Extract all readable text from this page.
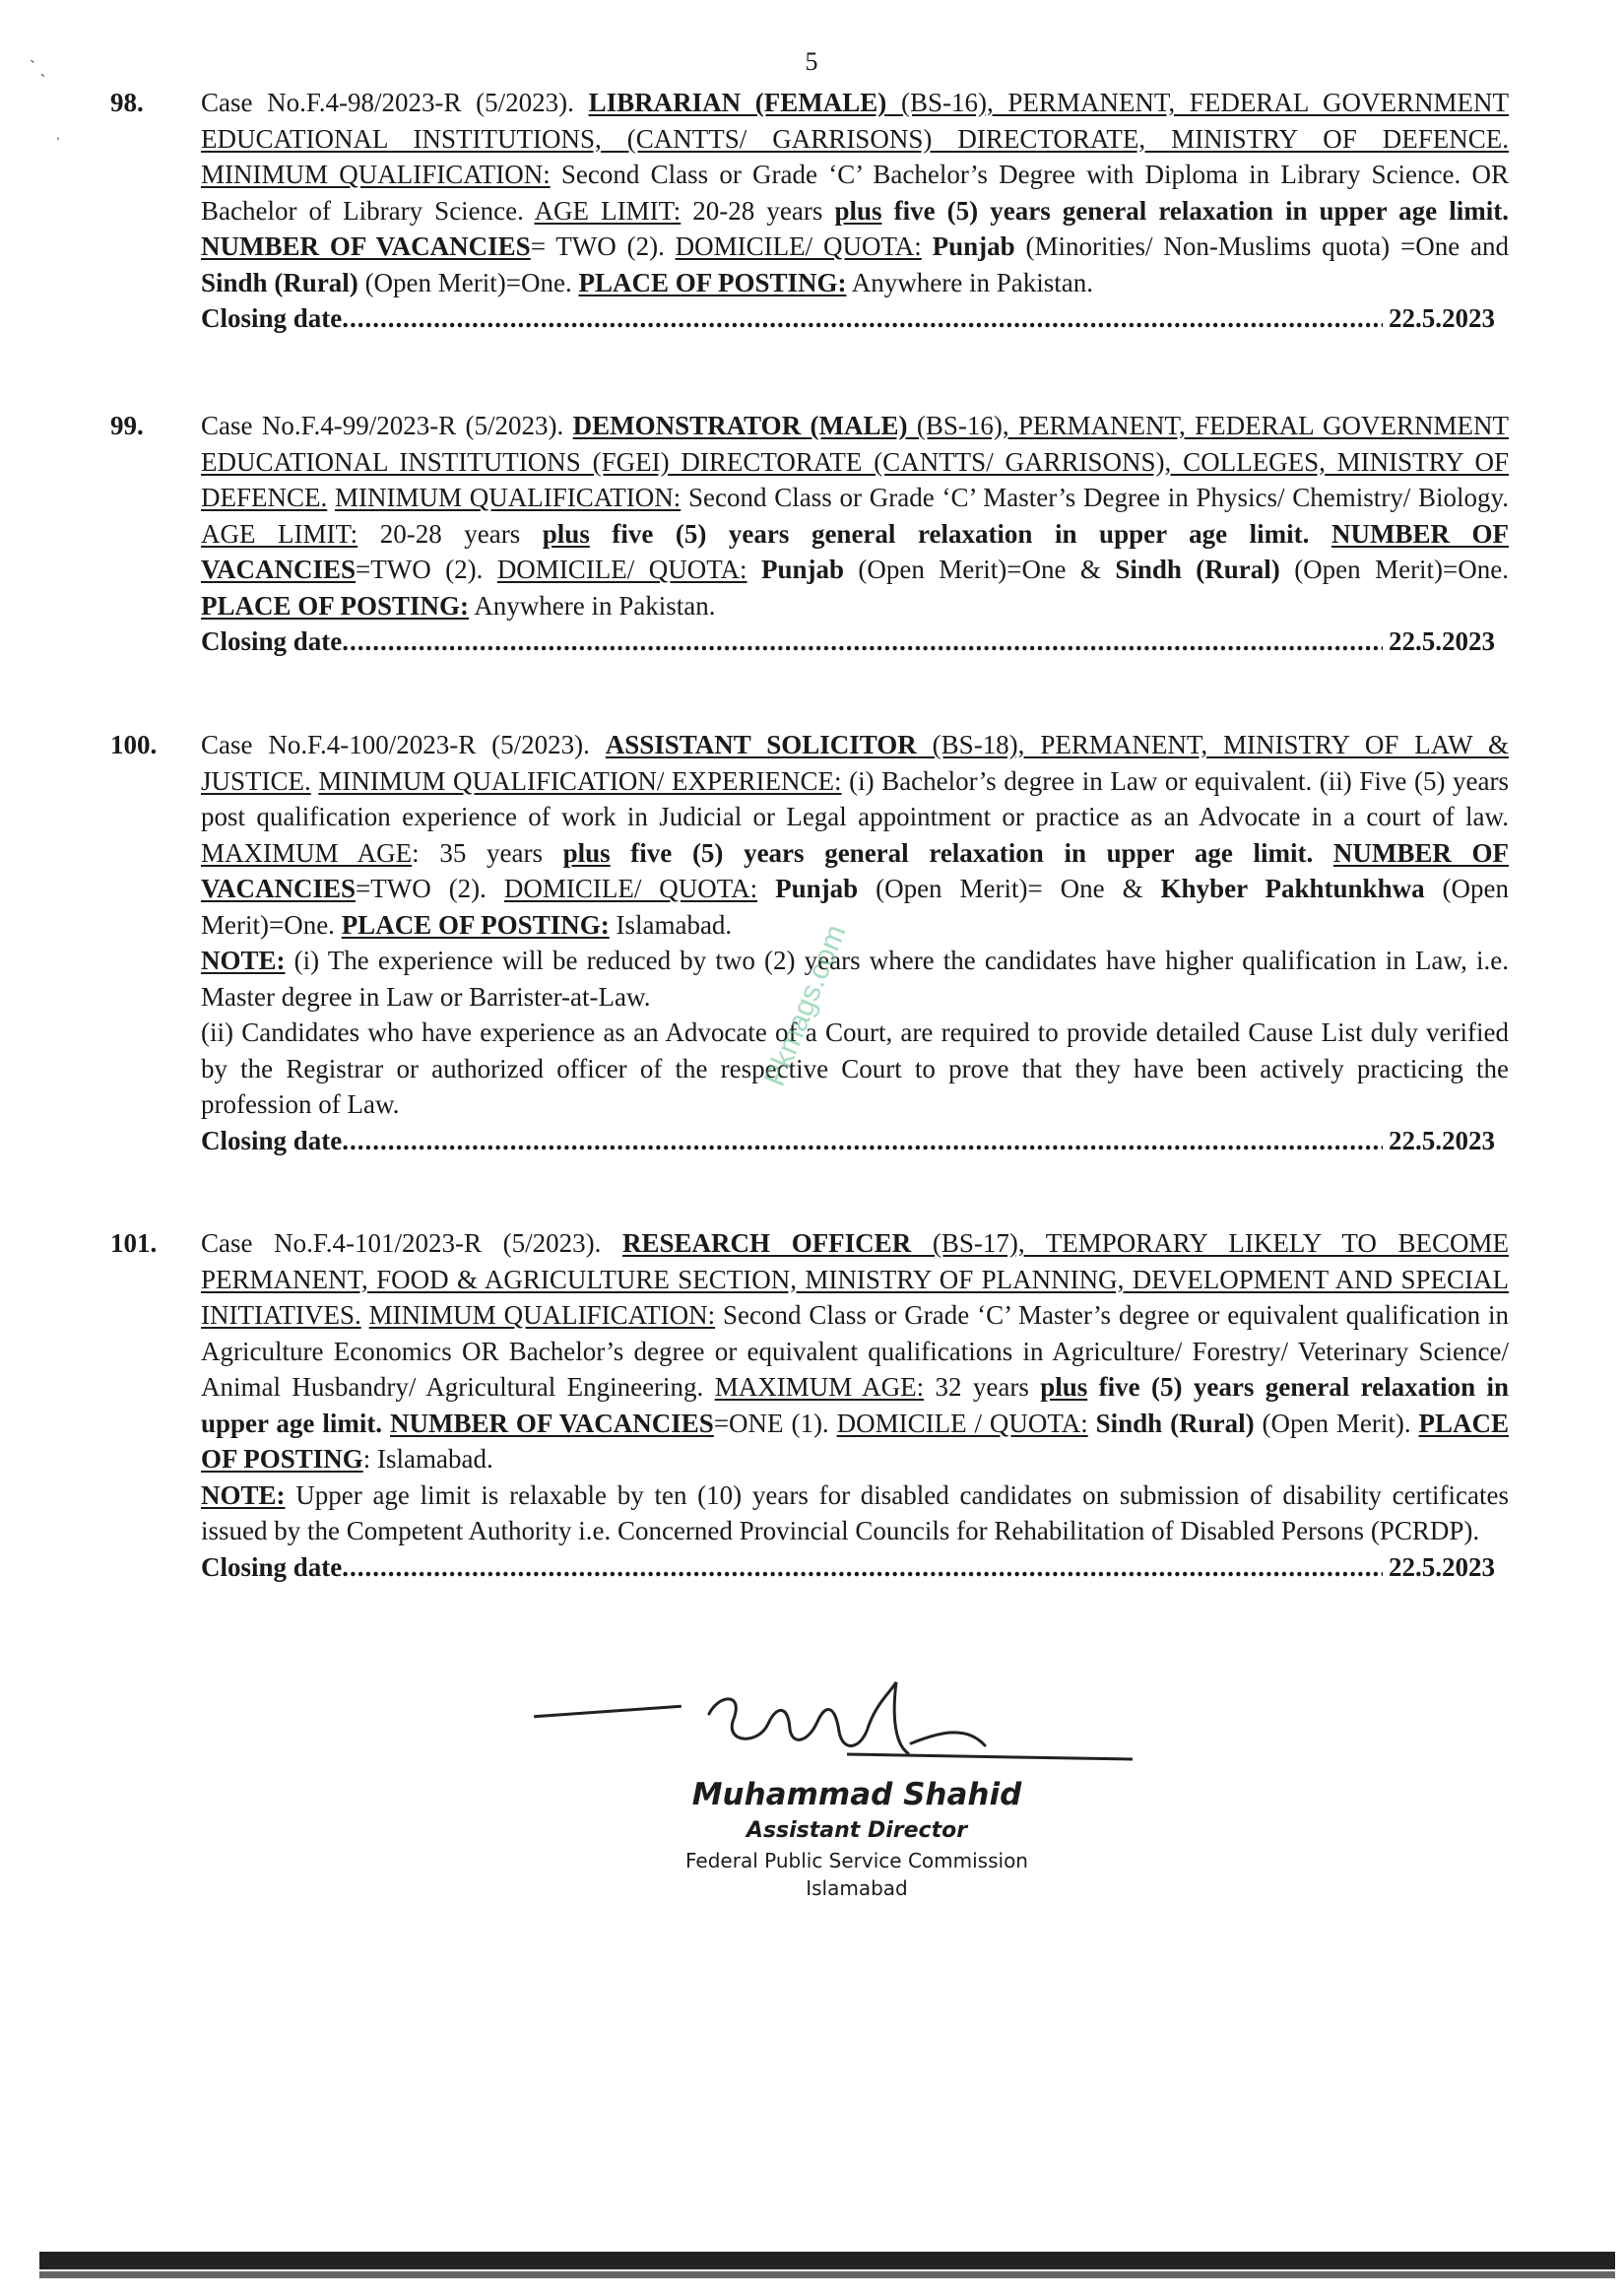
5
ˋ ˎ
ˌ
98.	Case No.F.4-98/2023-R (5/2023). LIBRARIAN (FEMALE) (BS-16), PERMANENT, FEDERAL GOVERNMENT EDUCATIONAL INSTITUTIONS, (CANTTS/ GARRISONS) DIRECTORATE, MINISTRY OF DEFENCE. MINIMUM QUALIFICATION: Second Class or Grade ‘C’ Bachelor’s Degree with Diploma in Library Science. OR Bachelor of Library Science. AGE LIMIT: 20-28 years plus five (5) years general relaxation in upper age limit. NUMBER OF VACANCIES= TWO (2). DOMICILE/ QUOTA: Punjab (Minorities/ Non-Muslims quota) =One and Sindh (Rural) (Open Merit)=One. PLACE OF POSTING: Anywhere in Pakistan.
Closing date .....	22.5.2023
99.	Case No.F.4-99/2023-R (5/2023). DEMONSTRATOR (MALE) (BS-16), PERMANENT, FEDERAL GOVERNMENT EDUCATIONAL INSTITUTIONS (FGEI) DIRECTORATE (CANTTS/ GARRISONS), COLLEGES, MINISTRY OF DEFENCE. MINIMUM QUALIFICATION: Second Class or Grade ‘C’ Master’s Degree in Physics/ Chemistry/ Biology. AGE LIMIT: 20-28 years plus five (5) years general relaxation in upper age limit. NUMBER OF VACANCIES=TWO (2). DOMICILE/ QUOTA: Punjab (Open Merit)=One & Sindh (Rural) (Open Merit)=One. PLACE OF POSTING: Anywhere in Pakistan.
Closing date .....	22.5.2023
100.	Case No.F.4-100/2023-R (5/2023). ASSISTANT SOLICITOR (BS-18), PERMANENT, MINISTRY OF LAW & JUSTICE. MINIMUM QUALIFICATION/ EXPERIENCE: (i) Bachelor’s degree in Law or equivalent. (ii) Five (5) years post qualification experience of work in Judicial or Legal appointment or practice as an Advocate in a court of law. MAXIMUM AGE: 35 years plus five (5) years general relaxation in upper age limit. NUMBER OF VACANCIES=TWO (2). DOMICILE/ QUOTA: Punjab (Open Merit)= One & Khyber Pakhtunkhwa (Open Merit)=One. PLACE OF POSTING: Islamabad.
NOTE: (i) The experience will be reduced by two (2) years where the candidates have higher qualification in Law, i.e. Master degree in Law or Barrister-at-Law.
(ii) Candidates who have experience as an Advocate of a Court, are required to provide detailed Cause List duly verified by the Registrar or authorized officer of the respective Court to prove that they have been actively practicing the profession of Law.
Closing date .....	22.5.2023
101.	Case No.F.4-101/2023-R (5/2023). RESEARCH OFFICER (BS-17), TEMPORARY LIKELY TO BECOME PERMANENT, FOOD & AGRICULTURE SECTION, MINISTRY OF PLANNING, DEVELOPMENT AND SPECIAL INITIATIVES. MINIMUM QUALIFICATION: Second Class or Grade ‘C’ Master’s degree or equivalent qualification in Agriculture Economics OR Bachelor’s degree or equivalent qualifications in Agriculture/ Forestry/ Veterinary Science/ Animal Husbandry/ Agricultural Engineering. MAXIMUM AGE: 32 years plus five (5) years general relaxation in upper age limit. NUMBER OF VACANCIES=ONE (1). DOMICILE / QUOTA: Sindh (Rural) (Open Merit). PLACE OF POSTING: Islamabad.
NOTE: Upper age limit is relaxable by ten (10) years for disabled candidates on submission of disability certificates issued by the Competent Authority i.e. Concerned Provincial Councils for Rehabilitation of Disabled Persons (PCRDP).
Closing date .....	22.5.2023
Pkmags.com
Muhammad Shahid
Assistant Director
Federal Public Service Commission
Islamabad
